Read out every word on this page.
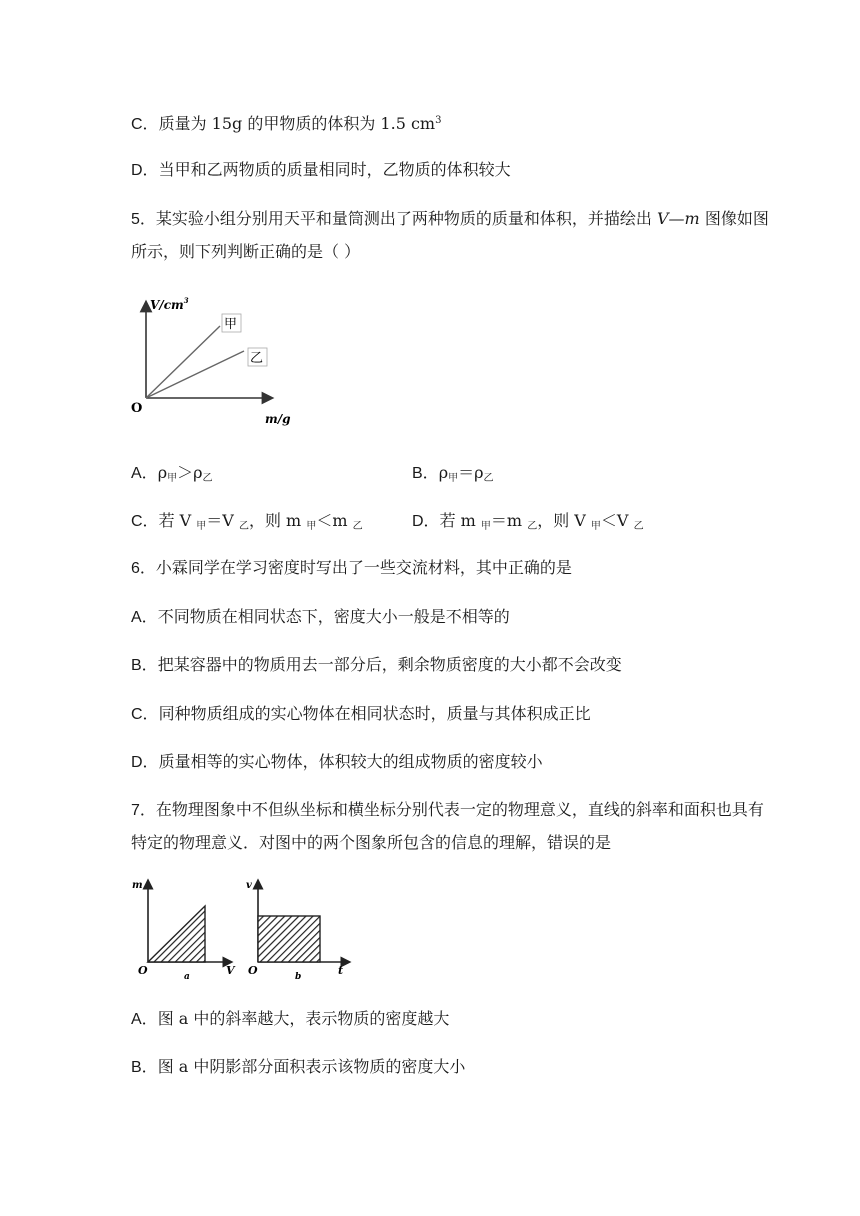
C．质量为 15g 的甲物质的体积为 1.5 $cm^3$
D．当甲和乙两物质的质量相同时，乙物质的体积较大
5．某实验小组分别用天平和量筒测出了两种物质的质量和体积，并描绘出 V—m 图像如图
所示，则下列判断正确的是（ ）
$V/cm^3$
甲
乙
O
m/g
A．$\rho_甲>\rho_乙$	B．$\rho_甲=\rho_乙$
C．若 V $_甲$＝V $_乙$，则 m $_甲$＜m $_乙$	D．若 m $_甲$＝m $_乙$，则 V $_甲$＜V $_乙$
6．小霖同学在学习密度时写出了一些交流材料，其中正确的是
A．不同物质在相同状态下，密度大小一般是不相等的
B．把某容器中的物质用去一部分后，剩余物质密度的大小都不会改变
C．同种物质组成的实心物体在相同状态时，质量与其体积成正比
D．质量相等的实心物体，体积较大的组成物质的密度较小
7．在物理图象中不但纵坐标和横坐标分别代表一定的物理意义，直线的斜率和面积也具有
特定的物理意义．对图中的两个图象所包含的信息的理解，错误的是
m
O	V
a
v
O	t
b
A．图 a 中的斜率越大，表示物质的密度越大
B．图 a 中阴影部分面积表示该物质的密度大小
